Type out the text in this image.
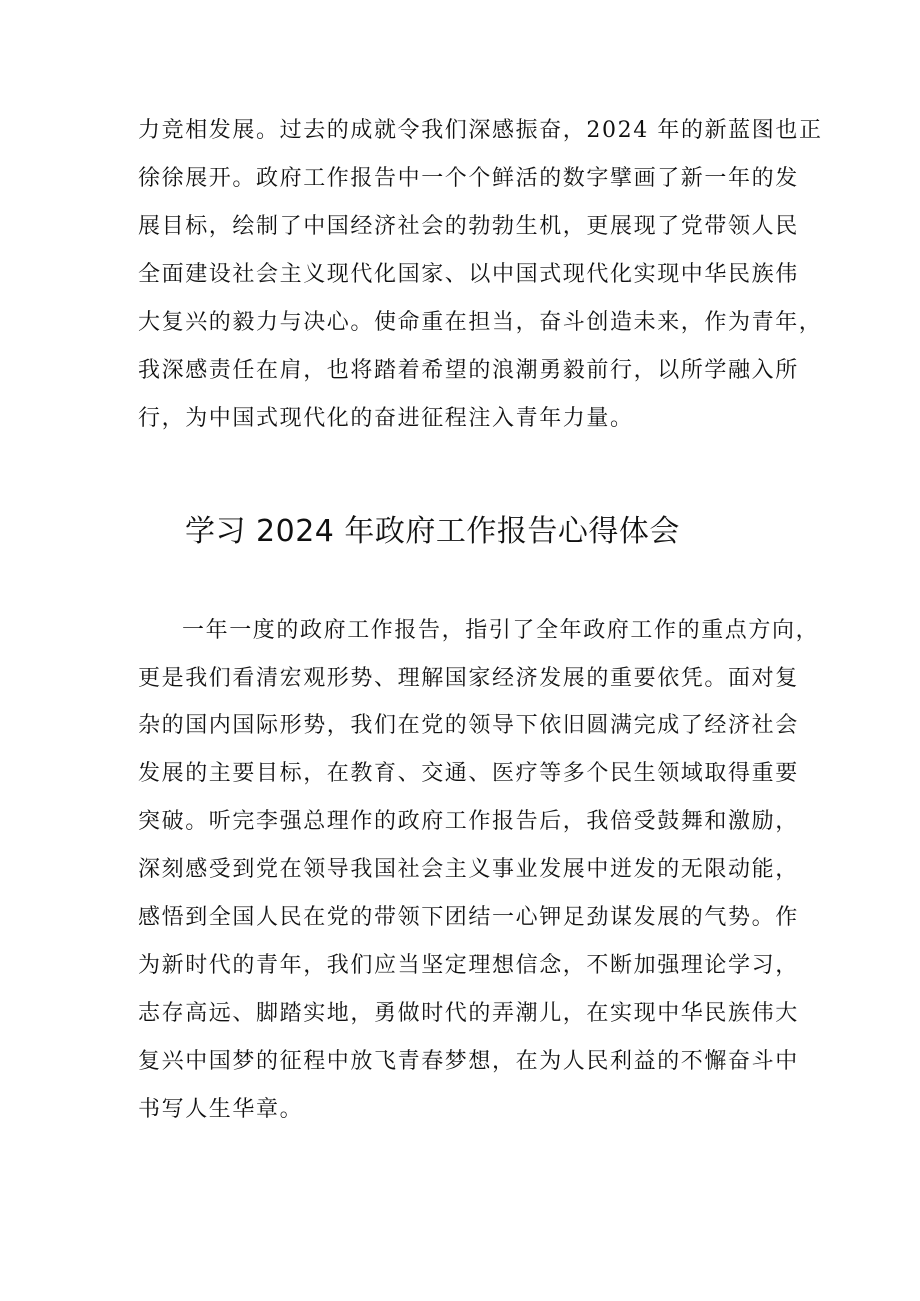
力竞相发展。过去的成就令我们深感振奋，2024 年的新蓝图也正
徐徐展开。政府工作报告中一个个鲜活的数字擘画了新一年的发
展目标，绘制了中国经济社会的勃勃生机，更展现了党带领人民
全面建设社会主义现代化国家、以中国式现代化实现中华民族伟
大复兴的毅力与决心。使命重在担当，奋斗创造未来，作为青年，
我深感责任在肩，也将踏着希望的浪潮勇毅前行，以所学融入所
行，为中国式现代化的奋进征程注入青年力量。
学习 2024 年政府工作报告心得体会
一年一度的政府工作报告，指引了全年政府工作的重点方向，
更是我们看清宏观形势、理解国家经济发展的重要依凭。面对复
杂的国内国际形势，我们在党的领导下依旧圆满完成了经济社会
发展的主要目标，在教育、交通、医疗等多个民生领域取得重要
突破。听完李强总理作的政府工作报告后，我倍受鼓舞和激励，
深刻感受到党在领导我国社会主义事业发展中迸发的无限动能，
感悟到全国人民在党的带领下团结一心钾足劲谋发展的气势。作
为新时代的青年，我们应当坚定理想信念，不断加强理论学习，
志存高远、脚踏实地，勇做时代的弄潮儿，在实现中华民族伟大
复兴中国梦的征程中放飞青春梦想，在为人民利益的不懈奋斗中
书写人生华章。
